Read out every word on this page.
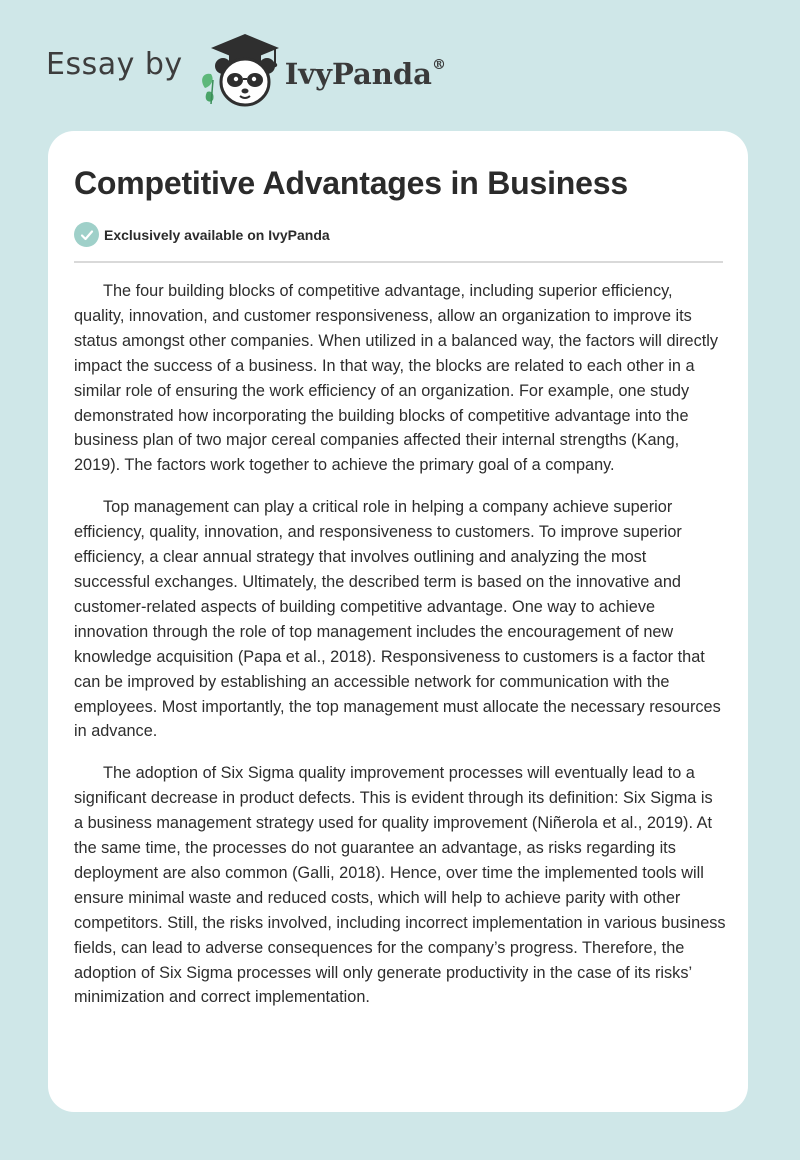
Essay by	IvyPanda®
Competitive Advantages in Business
Exclusively available on IvyPanda

The four building blocks of competitive advantage, including superior efficiency, quality, innovation, and customer responsiveness, allow an organization to improve its status amongst other companies. When utilized in a balanced way, the factors will directly impact the success of a business. In that way, the blocks are related to each other in a similar role of ensuring the work efficiency of an organization. For example, one study demonstrated how incorporating the building blocks of competitive advantage into the business plan of two major cereal companies affected their internal strengths (Kang, 2019). The factors work together to achieve the primary goal of a company.

Top management can play a critical role in helping a company achieve superior efficiency, quality, innovation, and responsiveness to customers. To improve superior efficiency, a clear annual strategy that involves outlining and analyzing the most successful exchanges. Ultimately, the described term is based on the innovative and customer-related aspects of building competitive advantage. One way to achieve innovation through the role of top management includes the encouragement of new knowledge acquisition (Papa et al., 2018). Responsiveness to customers is a factor that can be improved by establishing an accessible network for communication with the employees. Most importantly, the top management must allocate the necessary resources in advance.

The adoption of Six Sigma quality improvement processes will eventually lead to a significant decrease in product defects. This is evident through its definition: Six Sigma is a business management strategy used for quality improvement (Niñerola et al., 2019). At the same time, the processes do not guarantee an advantage, as risks regarding its deployment are also common (Galli, 2018). Hence, over time the implemented tools will ensure minimal waste and reduced costs, which will help to achieve parity with other competitors. Still, the risks involved, including incorrect implementation in various business fields, can lead to adverse consequences for the company’s progress. Therefore, the adoption of Six Sigma processes will only generate productivity in the case of its risks’ minimization and correct implementation.
